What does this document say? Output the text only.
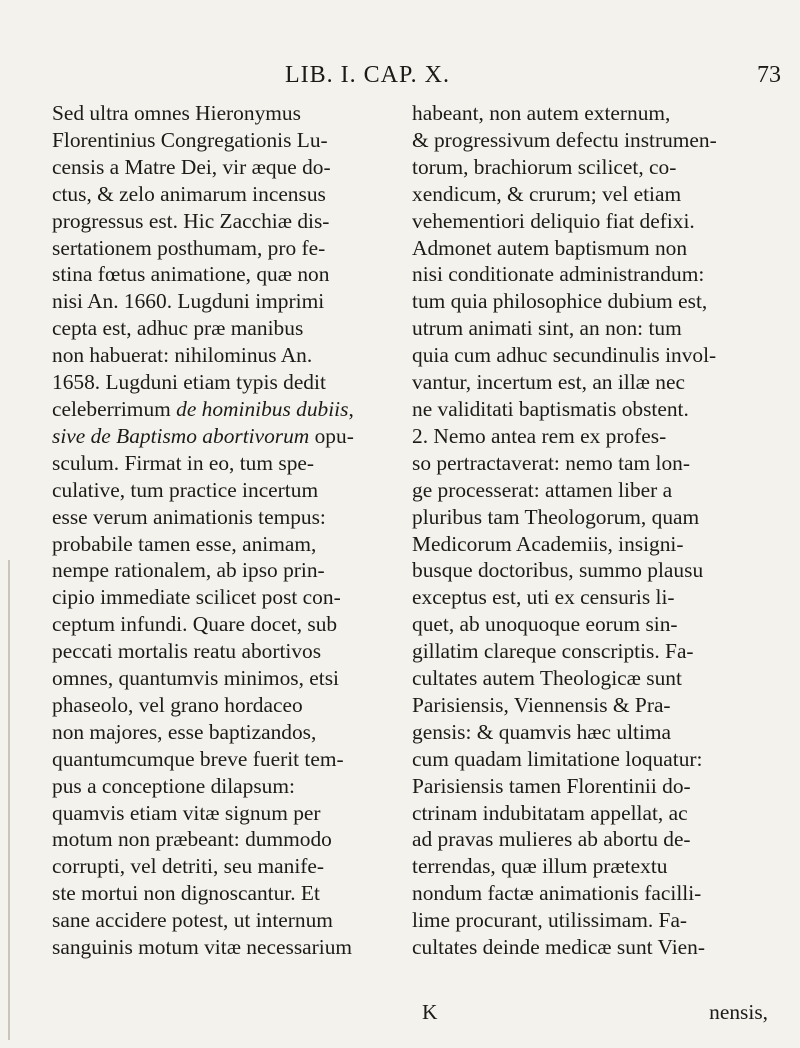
LIB. I. CAP. X.	73
Sed ultra omnes Hieronymus
Florentinius Congregationis Lu-
censis a Matre Dei, vir æque do-
ctus, & zelo animarum incensus
progressus est. Hic Zacchiæ dis-
sertationem posthumam, pro fe-
stina fœtus animatione, quæ non
nisi An. 1660. Lugduni imprimi
cepta est, adhuc præ manibus
non habuerat: nihilominus An.
1658. Lugduni etiam typis dedit
celeberrimum de hominibus dubiis,
sive de Baptismo abortivorum opu-
sculum. Firmat in eo, tum spe-
culative, tum practice incertum
esse verum animationis tempus:
probabile tamen esse, animam,
nempe rationalem, ab ipso prin-
cipio immediate scilicet post con-
ceptum infundi. Quare docet, sub
peccati mortalis reatu abortivos
omnes, quantumvis minimos, etsi
phaseolo, vel grano hordaceo
non majores, esse baptizandos,
quantumcumque breve fuerit tem-
pus a conceptione dilapsum:
quamvis etiam vitæ signum per
motum non præbeant: dummodo
corrupti, vel detriti, seu manife-
ste mortui non dignoscantur. Et
sane accidere potest, ut internum
sanguinis motum vitæ necessarium
habeant, non autem externum,
& progressivum defectu instrumen-
torum, brachiorum scilicet, co-
xendicum, & crurum; vel etiam
vehementiori deliquio fiat defixi.
Admonet autem baptismum non
nisi conditionate administrandum:
tum quia philosophice dubium est,
utrum animati sint, an non: tum
quia cum adhuc secundinulis invol-
vantur, incertum est, an illæ nec
ne validitati baptismatis obstent.
2. Nemo antea rem ex profes-
so pertractaverat: nemo tam lon-
ge processerat: attamen liber a
pluribus tam Theologorum, quam
Medicorum Academiis, insigni-
busque doctoribus, summo plausu
exceptus est, uti ex censuris li-
quet, ab unoquoque eorum sin-
gillatim clareque conscriptis. Fa-
cultates autem Theologicæ sunt
Parisiensis, Viennensis & Pra-
gensis: & quamvis hæc ultima
cum quadam limitatione loquatur:
Parisiensis tamen Florentinii do-
ctrinam indubitatam appellat, ac
ad pravas mulieres ab abortu de-
terrendas, quæ illum prætextu
nondum factæ animationis facilli-
lime procurant, utilissimam. Fa-
cultates deinde medicæ sunt Vien-
K	nensis,
